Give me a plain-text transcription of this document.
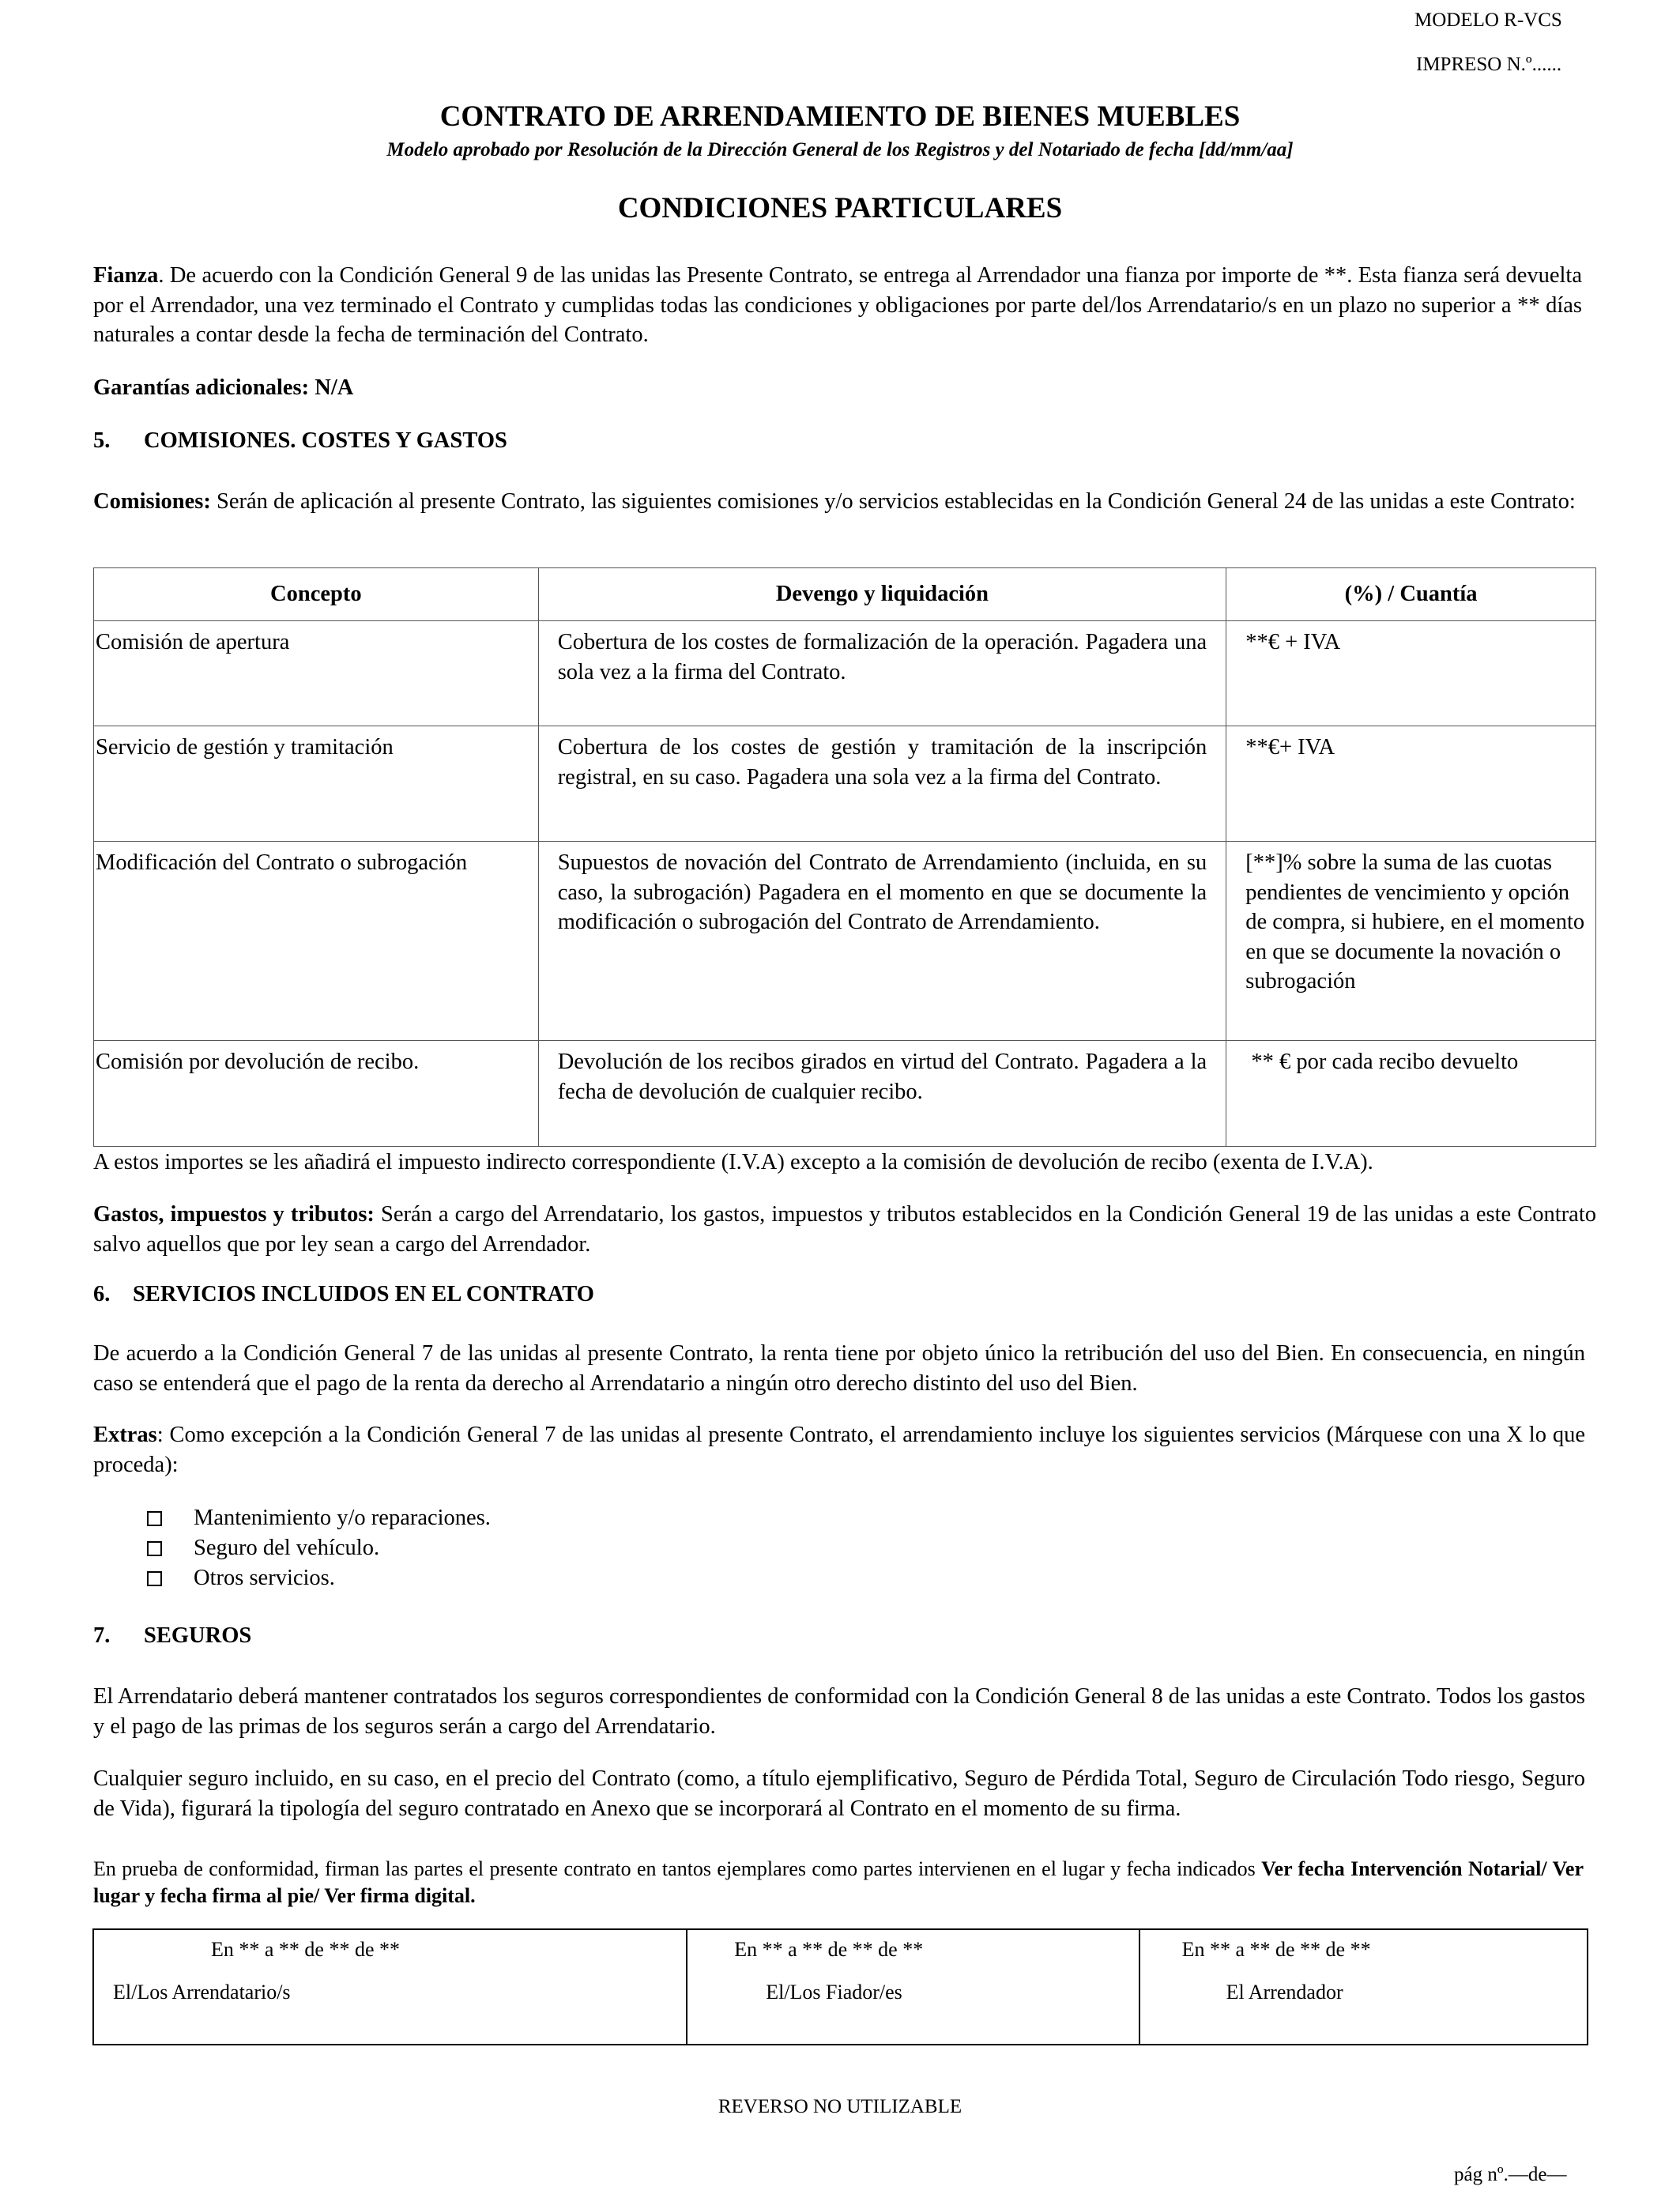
MODELO R-VCS
IMPRESO N.º......
CONTRATO DE ARRENDAMIENTO DE BIENES MUEBLES
Modelo aprobado por Resolución de la Dirección General de los Registros y del Notariado de fecha [dd/mm/aa]
CONDICIONES PARTICULARES
Fianza. De acuerdo con la Condición General 9 de las unidas las Presente Contrato, se entrega al Arrendador una fianza por importe de **. Esta fianza será devuelta por el Arrendador, una vez terminado el Contrato y cumplidas todas las condiciones y obligaciones por parte del/los Arrendatario/s en un plazo no superior a ** días naturales a contar desde la fecha de terminación del Contrato.
Garantías adicionales: N/A
5. COMISIONES. COSTES Y GASTOS
Comisiones: Serán de aplicación al presente Contrato, las siguientes comisiones y/o servicios establecidas en la Condición General 24 de las unidas a este Contrato:
Concepto	Devengo y liquidación	(%) / Cuantía
Comisión de apertura	Cobertura de los costes de formalización de la operación. Pagadera una sola vez a la firma del Contrato.	**€ + IVA
Servicio de gestión y tramitación	Cobertura de los costes de gestión y tramitación de la inscripción registral, en su caso. Pagadera una sola vez a la firma del Contrato.	**€+ IVA
Modificación del Contrato o subrogación	Supuestos de novación del Contrato de Arrendamiento (incluida, en su caso, la subrogación) Pagadera en el momento en que se documente la modificación o subrogación del Contrato de Arrendamiento.	[**]% sobre la suma de las cuotas pendientes de vencimiento y opción de compra, si hubiere, en el momento en que se documente la novación o subrogación
Comisión por devolución de recibo.	Devolución de los recibos girados en virtud del Contrato. Pagadera a la fecha de devolución de cualquier recibo.	** € por cada recibo devuelto
A estos importes se les añadirá el impuesto indirecto correspondiente (I.V.A) excepto a la comisión de devolución de recibo (exenta de I.V.A).
Gastos, impuestos y tributos: Serán a cargo del Arrendatario, los gastos, impuestos y tributos establecidos en la Condición General 19 de las unidas a este Contrato salvo aquellos que por ley sean a cargo del Arrendador.
6. SERVICIOS INCLUIDOS EN EL CONTRATO
De acuerdo a la Condición General 7 de las unidas al presente Contrato, la renta tiene por objeto único la retribución del uso del Bien. En consecuencia, en ningún caso se entenderá que el pago de la renta da derecho al Arrendatario a ningún otro derecho distinto del uso del Bien.
Extras: Como excepción a la Condición General 7 de las unidas al presente Contrato, el arrendamiento incluye los siguientes servicios (Márquese con una X lo que proceda):
Mantenimiento y/o reparaciones.
Seguro del vehículo.
Otros servicios.
7. SEGUROS
El Arrendatario deberá mantener contratados los seguros correspondientes de conformidad con la Condición General 8 de las unidas a este Contrato. Todos los gastos y el pago de las primas de los seguros serán a cargo del Arrendatario.
Cualquier seguro incluido, en su caso, en el precio del Contrato (como, a título ejemplificativo, Seguro de Pérdida Total, Seguro de Circulación Todo riesgo, Seguro de Vida), figurará la tipología del seguro contratado en Anexo que se incorporará al Contrato en el momento de su firma.
En prueba de conformidad, firman las partes el presente contrato en tantos ejemplares como partes intervienen en el lugar y fecha indicados Ver fecha Intervención Notarial/ Ver lugar y fecha firma al pie/ Ver firma digital.
En ** a ** de ** de **
El/Los Arrendatario/s

En ** a ** de ** de **
El/Los Fiador/es

En ** a ** de ** de **
El Arrendador
REVERSO NO UTILIZABLE
pág nº.—de—
